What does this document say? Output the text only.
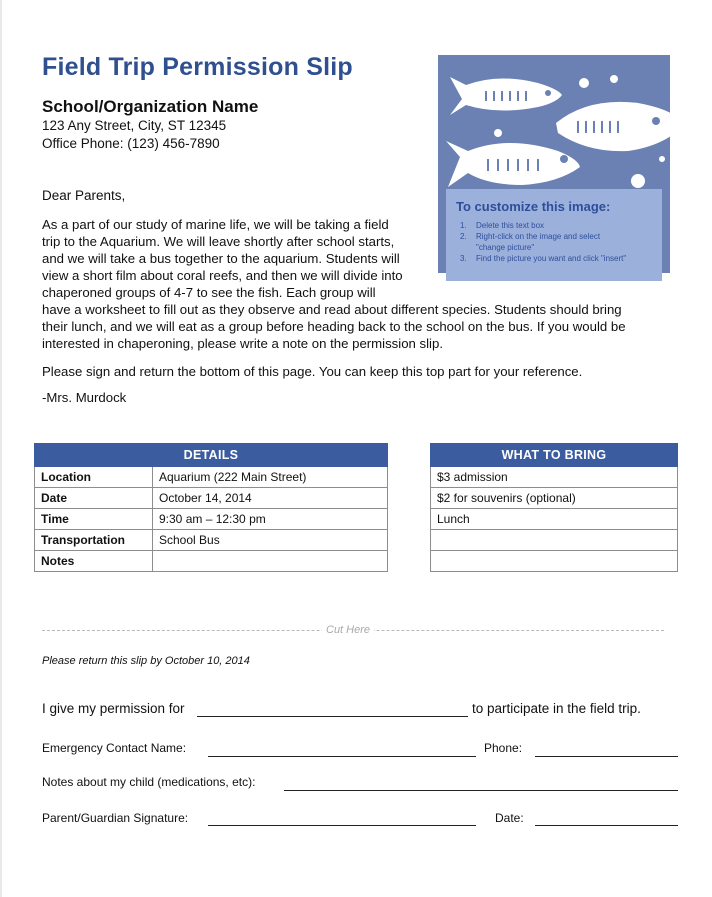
Field Trip Permission Slip
School/Organization Name
123 Any Street, City, ST 12345
Office Phone: (123) 456-7890
To customize this image:
1. Delete this text box
2. Right-click on the image and select
"change picture"
3. Find the picture you want and click "insert"
Dear Parents,
As a part of our study of marine life, we will be taking a field
trip to the Aquarium. We will leave shortly after school starts,
and we will take a bus together to the aquarium. Students will
view a short film about coral reefs, and then we will divide into
chaperoned groups of 4-7 to see the fish. Each group will
have a worksheet to fill out as they observe and read about different species. Students should bring
their lunch, and we will eat as a group before heading back to the school on the bus. If you would be
interested in chaperoning, please write a note on the permission slip.
Please sign and return the bottom of this page. You can keep this top part for your reference.
-Mrs. Murdock
DETAILS	
Location	Aquarium (222 Main Street)
Date	October 14, 2014
Time	9:30 am – 12:30 pm
Transportation	School Bus
Notes	
WHAT TO BRING
$3 admission
$2 for souvenirs (optional)
Lunch

Cut Here
Please return this slip by October 10, 2014
I give my permission for	to participate in the field trip.
Emergency Contact Name:	Phone:
Notes about my child (medications, etc):
Parent/Guardian Signature:	Date:
